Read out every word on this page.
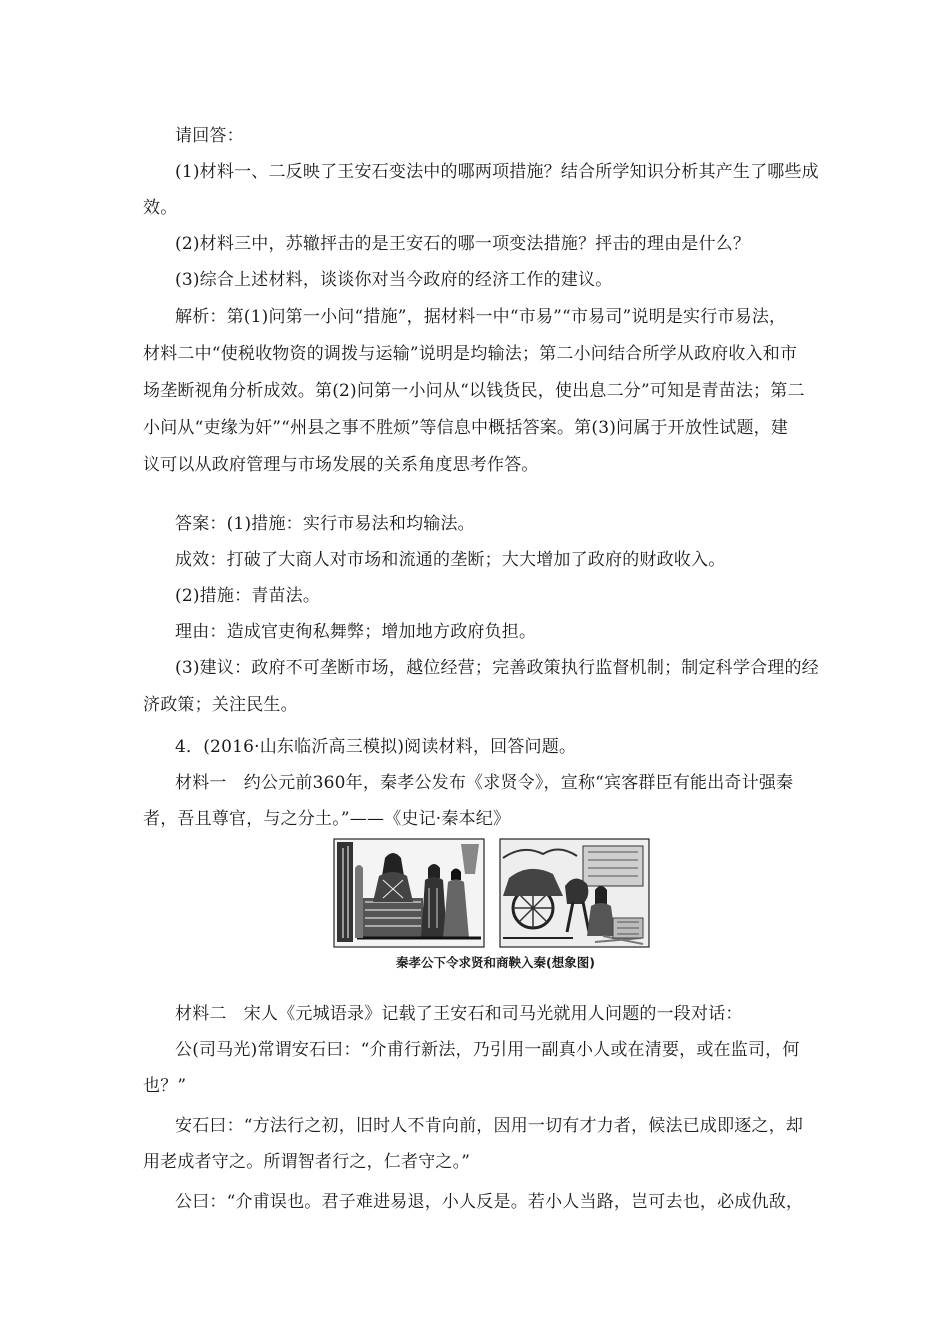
请回答：
(1)材料一、二反映了王安石变法中的哪两项措施？结合所学知识分析其产生了哪些成
效。
(2)材料三中，苏辙抨击的是王安石的哪一项变法措施？抨击的理由是什么？
(3)综合上述材料，谈谈你对当今政府的经济工作的建议。
解析：第(1)问第一小问“措施”，据材料一中“市易”“市易司”说明是实行市易法，
材料二中“使税收物资的调拨与运输”说明是均输法；第二小问结合所学从政府收入和市
场垄断视角分析成效。第(2)问第一小问从“以钱货民，使出息二分”可知是青苗法；第二
小问从“吏缘为奸”“州县之事不胜烦”等信息中概括答案。第(3)问属于开放性试题，建
议可以从政府管理与市场发展的关系角度思考作答。
答案：(1)措施：实行市易法和均输法。
成效：打破了大商人对市场和流通的垄断；大大增加了政府的财政收入。
(2)措施：青苗法。
理由：造成官吏徇私舞弊；增加地方政府负担。
(3)建议：政府不可垄断市场，越位经营；完善政策执行监督机制；制定科学合理的经
济政策；关注民生。
4．(2016·山东临沂高三模拟)阅读材料，回答问题。
材料一　约公元前360年，秦孝公发布《求贤令》，宣称“宾客群臣有能出奇计强秦
者，吾且尊官，与之分土。”——《史记·秦本纪》
秦孝公下令求贤和商鞅入秦(想象图)
材料二　宋人《元城语录》记载了王安石和司马光就用人问题的一段对话：
公(司马光)常谓安石曰：“介甫行新法，乃引用一副真小人或在清要，或在监司，何
也？”
安石曰：“方法行之初，旧时人不肯向前，因用一切有才力者，候法已成即逐之，却
用老成者守之。所谓智者行之，仁者守之。”
公曰：“介甫误也。君子难进易退，小人反是。若小人当路，岂可去也，必成仇敌，
